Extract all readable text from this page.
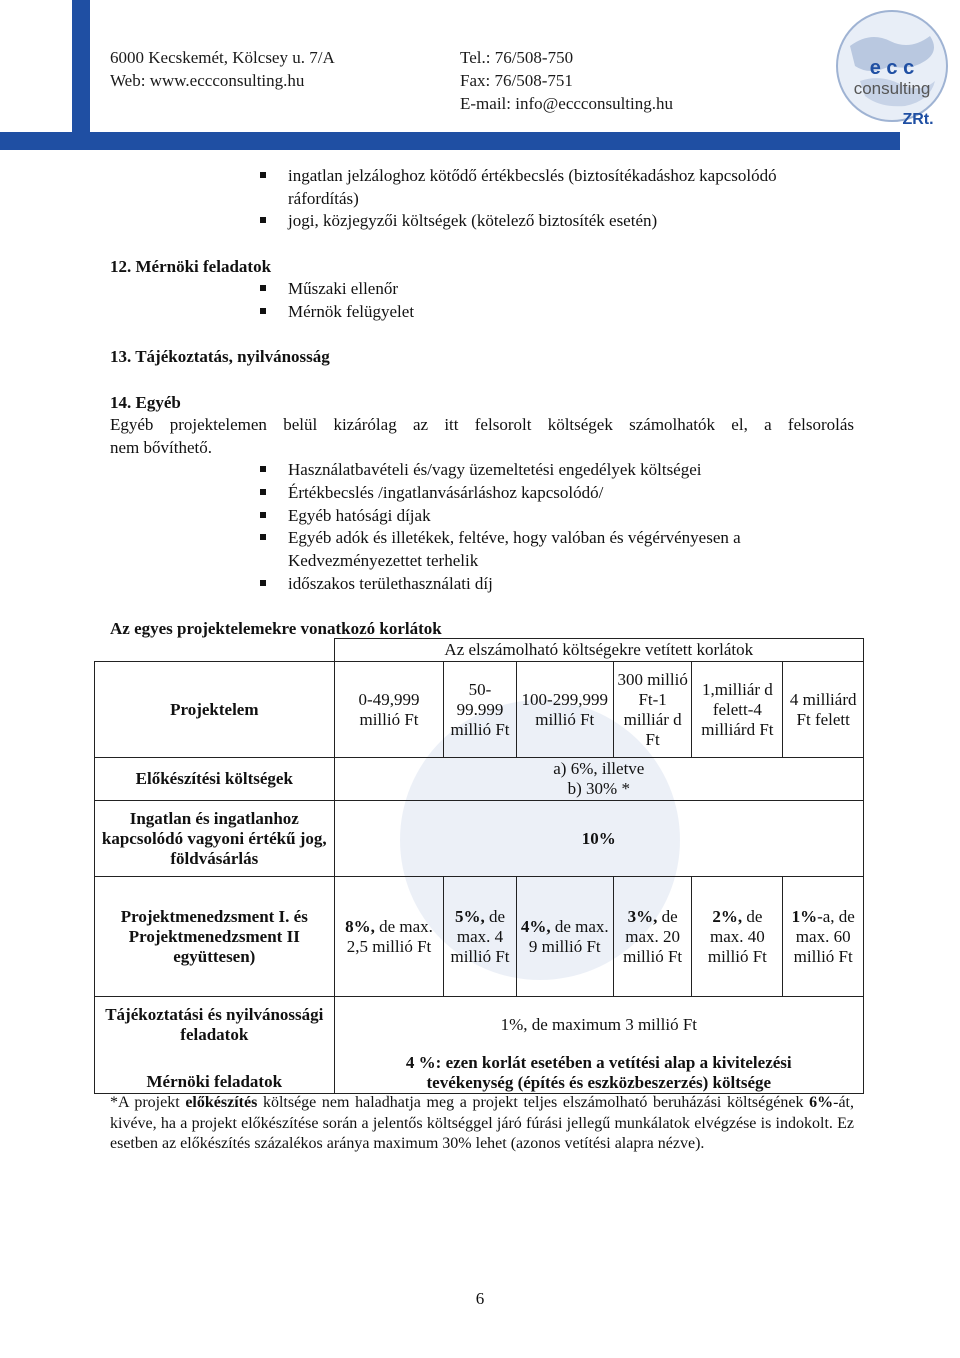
6000 Kecskemét, Kölcsey u. 7/A
Web: www.eccconsulting.hu
Tel.: 76/508-750
Fax: 76/508-751
E-mail: info@eccconsulting.hu
e c c
consulting
ZRt.
ingatlan jelzáloghoz kötődő értékbecslés (biztosítékadáshoz kapcsolódó
ráfordítás)
jogi, közjegyzői költségek (kötelező biztosíték esetén)
12. Mérnöki feladatok
Műszaki ellenőr
Mérnök felügyelet
13. Tájékoztatás, nyilvánosság
14. Egyéb
Egyéb projektelemen belül kizárólag az itt felsorolt költségek számolhatók el, a felsorolás
nem bővíthető.
Használatbavételi és/vagy üzemeltetési engedélyek költségei
Értékbecslés /ingatlanvásárláshoz kapcsolódó/
Egyéb hatósági díjak
Egyéb adók és illetékek, feltéve, hogy valóban és végérvényesen a
Kedvezményezettet terhelik
időszakos területhasználati díj
Az egyes projektelemekre vonatkozó korlátok
	Az elszámolható költségekre vetített korlátok					
Projektelem	0-49,999 millió Ft	50-99.999 millió Ft	100-299,999 millió Ft	300 millió Ft-1 milliár d Ft	1,milliár d felett-4 milliárd Ft	4 milliárd Ft felett
Előkészítési költségek	a) 6%, illetve
b) 30% *					

Ingatlan és ingatlanhoz kapcsolódó vagyoni értékű jog, földvásárlás	10%					
Projektmenedzsment I. és Projektmenedzsment II együttesen)	8%, de max. 2,5 millió Ft	5%, de max. 4 millió Ft	4%, de max. 9 millió Ft	3%, de max. 20 millió Ft	2%, de max. 40 millió Ft	1%-a, de max. 60 millió Ft
Tájékoztatási és nyilvánossági feladatok	1%, de maximum 3 millió Ft					
Mérnöki feladatok	4 %: ezen korlát esetében a vetítési alap a kivitelezési tevékenység (építés és eszközbeszerzés) költsége					
*A projekt előkészítés költsége nem haladhatja meg a projekt teljes elszámolható beruházási költségének 6%-át, kivéve, ha a projekt előkészítése során a jelentős költséggel járó fúrási jellegű munkálatok elvégzése is indokolt. Ez esetben az előkészítés százalékos aránya maximum 30% lehet (azonos vetítési alapra nézve).
6
